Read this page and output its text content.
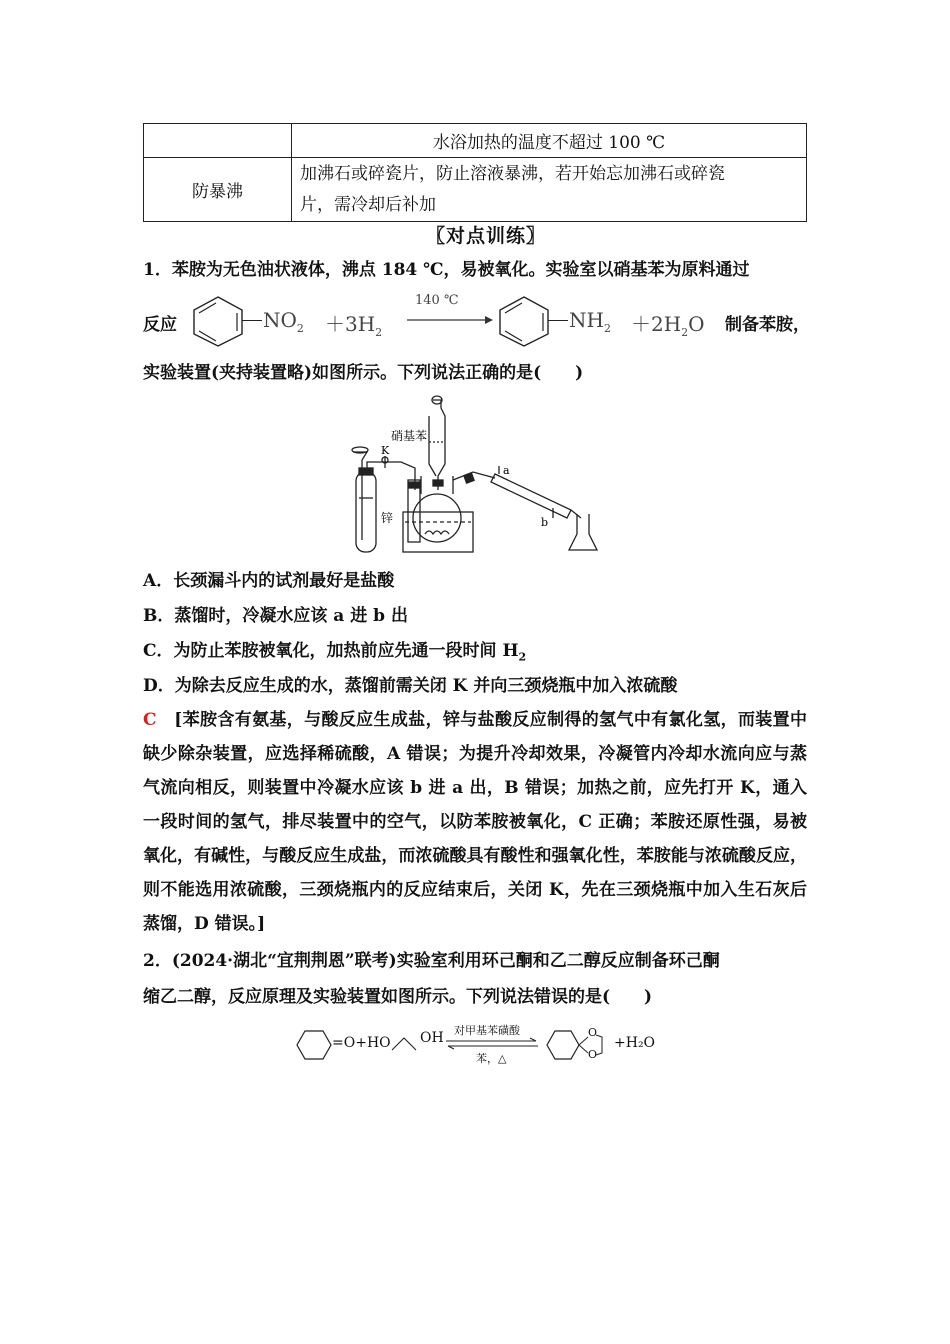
	水浴加热的温度不超过 100 ℃
防暴沸	加沸石或碎瓷片，防止溶液暴沸，若开始忘加沸石或碎瓷
片，需冷却后补加
〖对点训练〗
1．苯胺为无色油状液体，沸点 184 ℃，易被氧化。实验室以硝基苯为原料通过
反应	$NO_2 +3H_2$
140 ℃
$NH_2 +2H_2O$ 制备苯胺，
实验装置(夹持装置略)如图所示。下列说法正确的是(　　)
硝基苯
K
锌
a
b
A．长颈漏斗内的试剂最好是盐酸
B．蒸馏时，冷凝水应该 a 进 b 出
C．为防止苯胺被氧化，加热前应先通一段时间 $H_2$
D．为除去反应生成的水，蒸馏前需关闭 K 并向三颈烧瓶中加入浓硫酸
C　 [苯胺含有氨基，与酸反应生成盐，锌与盐酸反应制得的氢气中有氯化氢，而装置中缺少除杂装置，应选择稀硫酸，A 错误；为提升冷却效果，冷凝管内冷却水流向应与蒸气流向相反，则装置中冷凝水应该 b 进 a 出，B 错误；加热之前，应先打开 K，通入一段时间的氢气，排尽装置中的空气，以防苯胺被氧化，C 正确；苯胺还原性强，易被氧化，有碱性，与酸反应生成盐，而浓硫酸具有酸性和强氧化性，苯胺能与浓硫酸反应，则不能选用浓硫酸，三颈烧瓶内的反应结束后，关闭 K，先在三颈烧瓶中加入生石灰后蒸馏，D 错误。]
2．(2024·湖北“宜荆荆恩”联考)实验室利用环己酮和乙二醇反应制备环己酮
缩乙二醇，反应原理及实验装置如图所示。下列说法错误的是(　　)
=O+HO OH 对甲基苯磺酸
苯，△
O
O
+H₂O
